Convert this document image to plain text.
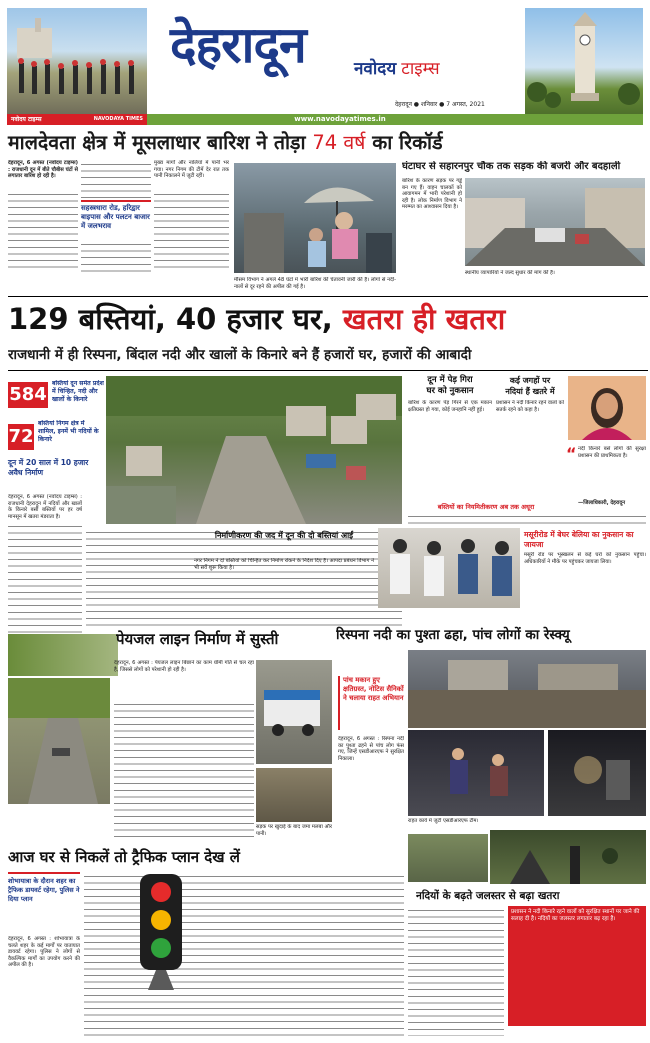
नवोदय टाइम्स	NAVODAYA TIMES
देहरादून	नवोदय टाइम्स
देहरादून ● शनिवार ● 7 अगस्त, 2021
www.navodayatimes.in
मालदेवता क्षेत्र में मूसलाधार बारिश ने तोड़ा 74 वर्ष का रिकॉर्ड
देहरादून, 6 अगस्त (नवोदय टाइम्स) : राजधानी दून में बीते चौबीस घंटों से लगातार बारिश हो रही है।
सहस्त्रधारा रोड, हरिद्वार बाइपास और पलटन बाजार में जलभराव
मुख्य मार्गों और नालियों में पानी भर गया। नगर निगम की टीमें देर रात तक पानी निकालने में जुटी रहीं।
मौसम विभाग ने अगले 48 घंटों में भारी बारिश की चेतावनी जारी की है। लोगों से नदी-नालों से दूर रहने की अपील की गई है।
घंटाघर से सहारनपुर चौक तक सड़क की बजरी और बदहाली
बारिश के कारण सड़क पर गड्ढे बन गए हैं। वाहन चालकों को आवागमन में भारी परेशानी हो रही है। लोक निर्माण विभाग ने मरम्मत का आश्वासन दिया है।
स्थानीय व्यापारियों ने जल्द सुधार की मांग की है।
129 बस्तियां, 40 हजार घर, खतरा ही खतरा
राजधानी में ही रिस्पना, बिंदाल नदी और खालों के किनारे बने हैं हजारों घर, हजारों की आबादी
584
बस्तियां दून समेत प्रदेश में चिन्हित, नदी और खालों के किनारे
72
बस्तियां निगम क्षेत्र में शामिल, इनमें भी नदियों के किनारे
दून में 20 साल में 10 हजार अवैध निर्माण
देहरादून, 6 अगस्त (नवोदय टाइम्स) : राजधानी देहरादून में नदियों और खालों के किनारे बसी बस्तियों पर हर वर्ष मानसून में खतरा मंडराता है।
दून में पेड़ गिरा
घर को नुकसान
बारिश के कारण पेड़ गिरने से एक मकान क्षतिग्रस्त हो गया, कोई जनहानि नहीं हुई।
कई जगहों पर
नदियां हैं खतरे में
प्रशासन ने नदी किनारे रहने वालों को सतर्क रहने को कहा है।
“ नदी किनारे बसे लोगों की सुरक्षा प्रशासन की प्राथमिकता है।
—जिलाधिकारी, देहरादून
बस्तियों का नियमितीकरण अब तक अधूरा
निर्माणीकरण की जद में दून की दो बस्तियां आईं
नगर निगम ने दो बस्तियों को चिन्हित कर निर्माण रोकने के निर्देश दिए हैं। आपदा प्रबंधन विभाग ने भी सर्वे शुरू किया है।
मसूरीरोड में बेघर बेलिया का नुकसान का जायजा
मसूरी रोड पर भूस्खलन से कई घरों को नुकसान पहुंचा। अधिकारियों ने मौके पर पहुंचकर जायजा लिया।
पेयजल लाइन निर्माण में सुस्ती
देहरादून, 6 अगस्त : पेयजल लाइन बिछाने का काम धीमी गति से चल रहा है, जिससे लोगों को परेशानी हो रही है।
सड़क पर खुदाई के बाद जमा मलबा और पानी।
रिस्पना नदी का पुश्ता ढहा, पांच लोगों का रेस्क्यू
पांच मकान हुए क्षतिग्रस्त, नोटिस सैनिकों ने चलाया राहत अभियान
देहरादून, 6 अगस्त : रिस्पना नदी का पुश्ता ढहने से पांच लोग फंस गए, जिन्हें एसडीआरएफ ने सुरक्षित निकाला।
राहत कार्य में जुटी एसडीआरएफ टीम।
आज घर से निकलें तो ट्रैफिक प्लान देख लें
शोभायात्रा के दौरान शहर का ट्रैफिक डायवर्ट रहेगा, पुलिस ने दिया प्लान
देहरादून, 6 अगस्त : शोभायात्रा के चलते शहर के कई मार्गों पर यातायात डायवर्ट रहेगा। पुलिस ने लोगों से वैकल्पिक मार्गों का उपयोग करने की अपील की है।
नदियों के बढ़ते जलस्तर से बढ़ा खतरा
प्रशासन ने नदी किनारे रहने वालों को सुरक्षित स्थानों पर जाने की सलाह दी है। नदियों का जलस्तर लगातार बढ़ रहा है।
